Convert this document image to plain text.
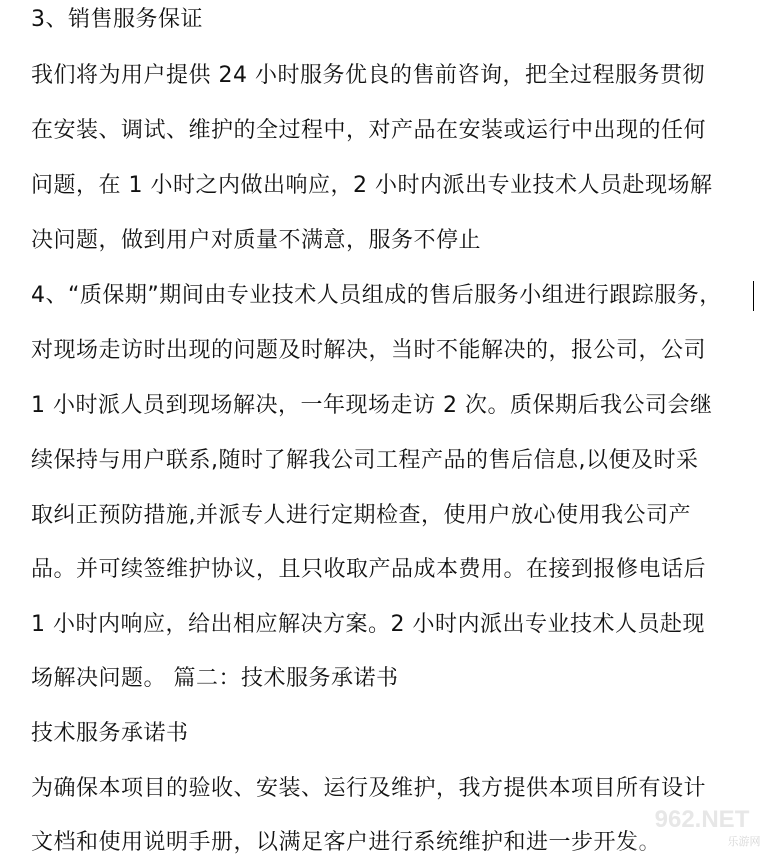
3、销售服务保证
我们将为用户提供 24 小时服务优良的售前咨询，把全过程服务贯彻
在安装、调试、维护的全过程中，对产品在安装或运行中出现的任何
问题，在 1 小时之内做出响应，2 小时内派出专业技术人员赴现场解
决问题，做到用户对质量不满意，服务不停止
4、“质保期”期间由专业技术人员组成的售后服务小组进行跟踪服务，
对现场走访时出现的问题及时解决，当时不能解决的，报公司，公司
1 小时派人员到现场解决，一年现场走访 2 次。质保期后我公司会继
续保持与用户联系,随时了解我公司工程产品的售后信息,以便及时采
取纠正预防措施,并派专人进行定期检查，使用户放心使用我公司产
品。并可续签维护协议，且只收取产品成本费用。在接到报修电话后
1 小时内响应，给出相应解决方案。2 小时内派出专业技术人员赴现
场解决问题。 篇二：技术服务承诺书
技术服务承诺书
为确保本项目的验收、安装、运行及维护，我方提供本项目所有设计
文档和使用说明手册，以满足客户进行系统维护和进一步开发。
962.NET
乐游网
